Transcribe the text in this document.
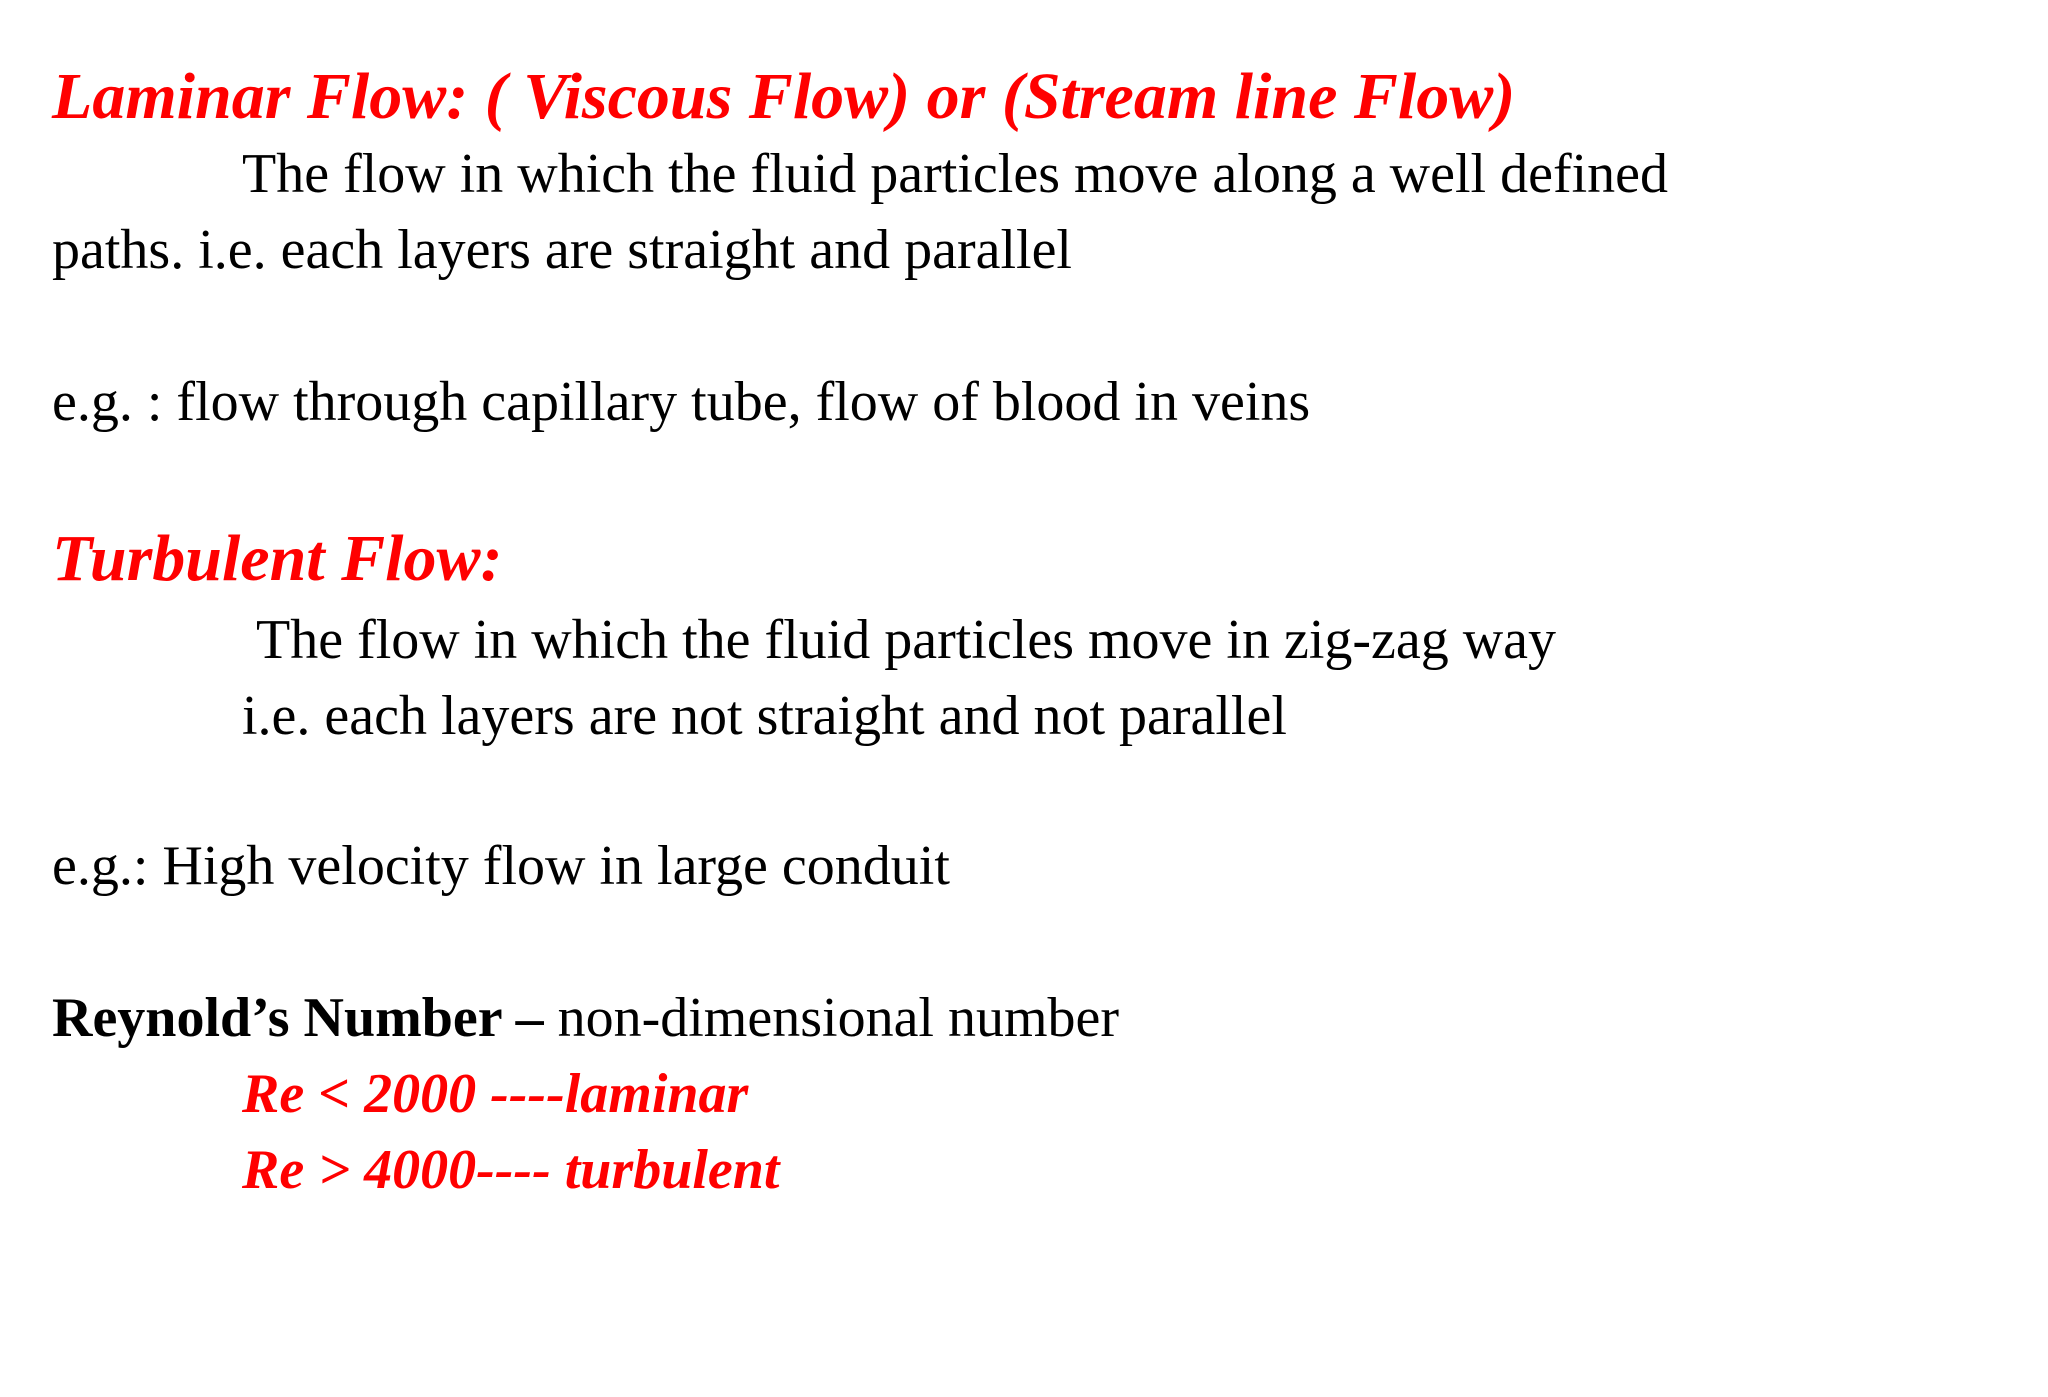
Laminar Flow: ( Viscous Flow) or (Stream line Flow)
The flow in which the fluid particles move along a well defined
paths. i.e. each layers are straight and parallel
e.g. : flow through capillary tube, flow of blood in veins
Turbulent Flow:
The flow in which the fluid particles move in zig-zag way
i.e. each layers are not straight and not parallel
e.g.: High velocity flow in large conduit
Reynold’s Number – non-dimensional number
Re < 2000 ----laminar
Re > 4000---- turbulent
